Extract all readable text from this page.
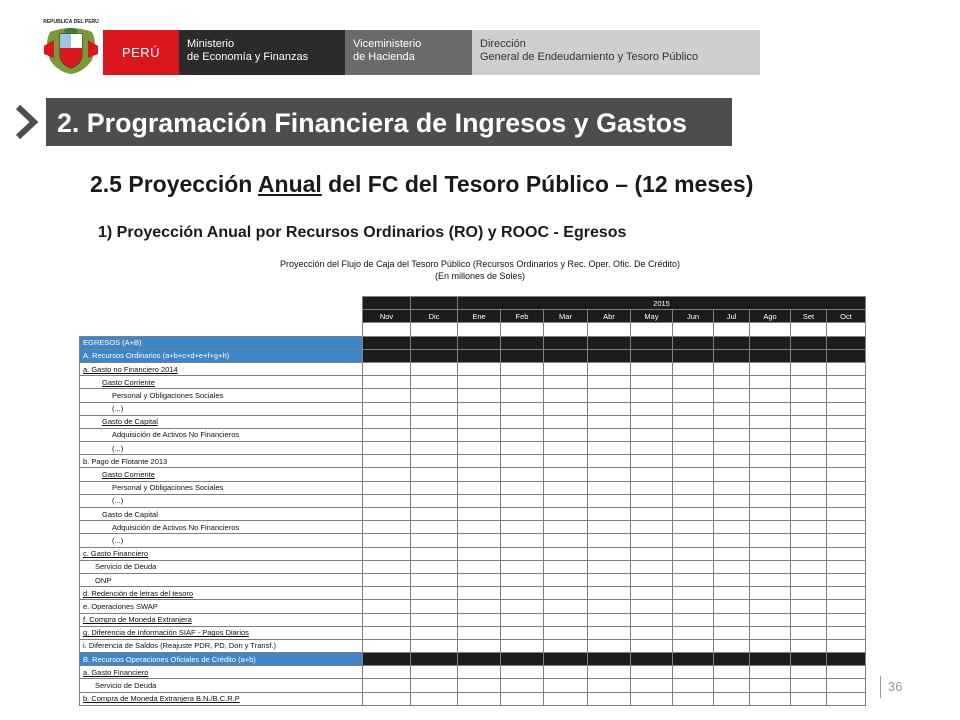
REPUBLICA DEL PERU
PERÚ
Ministerio
de Economía y Finanzas
Viceministerio
de Hacienda
Dirección
General de Endeudamiento y Tesoro Público
2. Programación Financiera de Ingresos y Gastos
2.5 Proyección Anual del FC del Tesoro Público – (12 meses)
1) Proyección Anual por Recursos Ordinarios (RO) y ROOC - Egresos
Proyección del Flujo de Caja del Tesoro Público (Recursos Ordinarios y Rec. Oper. Ofic. De Crédito)
(En millones de Soles)
			2015									
	Nov	Dic	Ene	Feb	Mar	Abr	May	Jun	Jul	Ago	Set	Oct

EGRESOS (A+B)												
A. Recursos Ordinarios (a+b+c+d+e+f+g+h)												
a. Gasto no Financiero 2014												
Gasto Corriente												
Personal y Obligaciones Sociales												
(...)												
Gasto de Capital												
Adquisición de Activos No Financieros												
(...)												
b. Pago de Flotante 2013												
Gasto Corriente												
Personal y Obligaciones Sociales												
(...)												
Gasto de Capital												
Adquisición de Activos No Financieros												
(...)												
c. Gasto Financiero												
Servicio de Deuda												
ONP												
d. Redención de letras del tesoro												
e. Operaciones SWAP												
f. Compra de Moneda Extranjera												
g. Diferencia de Información SIAF - Pagos Diarios												
i. Diferencia de Saldos (Reajuste PDR, PD, Don y Transf.)												
B. Recursos Operaciones Oficiales de Crédito (a+b)												
a. Gasto Financiero												
Servicio de Deuda												
b. Compra de Moneda Extranjera B.N./B.C.R.P												
36
